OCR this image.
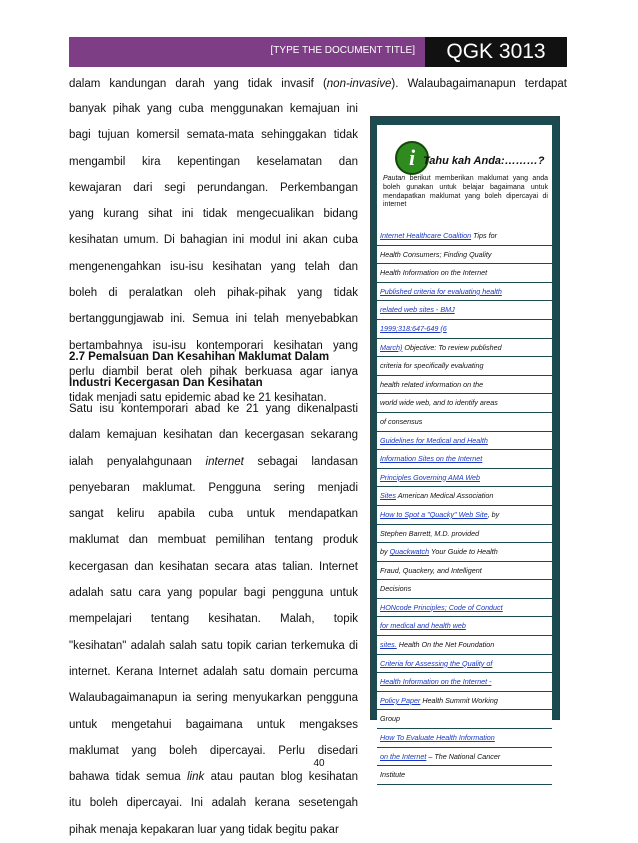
[TYPE THE DOCUMENT TITLE]	QGK 3013
dalam kandungan darah yang tidak invasif (non-invasive). Walaubagaimanapun terdapat
banyak pihak yang cuba menggunakan kemajuan ini
bagi tujuan komersil semata-mata sehinggakan tidak
mengambil kira kepentingan keselamatan dan
kewajaran dari segi perundangan. Perkembangan
yang kurang sihat ini tidak mengecualikan bidang
kesihatan umum. Di bahagian ini modul ini akan cuba
mengenengahkan isu-isu kesihatan yang telah dan
boleh di peralatkan oleh pihak-pihak yang tidak
bertanggungjawab ini. Semua ini telah menyebabkan
bertambahnya isu-isu kontemporari kesihatan yang
perlu diambil berat oleh pihak berkuasa agar ianya
tidak menjadi satu epidemic abad ke 21 kesihatan.
2.7 Pemalsuan Dan Kesahihan Maklumat Dalam
Industri Kecergasan Dan Kesihatan
Satu isu kontemporari abad ke 21 yang dikenalpasti
dalam kemajuan kesihatan dan kecergasan sekarang
ialah penyalahgunaan internet sebagai landasan
penyebaran maklumat. Pengguna sering menjadi
sangat keliru apabila cuba untuk mendapatkan
maklumat dan membuat pemilihan tentang produk
kecergasan dan kesihatan secara atas talian. Internet
adalah satu cara yang popular bagi pengguna untuk
mempelajari tentang kesihatan. Malah, topik
"kesihatan" adalah salah satu topik carian terkemuka di
internet. Kerana Internet adalah satu domain percuma
Walaubagaimanapun ia sering menyukarkan pengguna
untuk mengetahui bagaimana untuk mengakses
maklumat yang boleh dipercayai. Perlu disedari
bahawa tidak semua link atau pautan blog kesihatan
itu boleh dipercayai. Ini adalah kerana sesetengah
pihak menaja kepakaran luar yang tidak begitu pakar
i Tahu kah Anda:………?
Pautan berikut memberikan maklumat yang anda boleh gunakan untuk belajar bagaimana untuk mendapatkan maklumat yang boleh dipercayai di internet
Internet Healthcare Coalition Tips for
Health Consumers; Finding Quality
Health Information on the Internet
Published criteria for evaluating health
related web sites - BMJ
1999;318:647-649 (6
March) Objective: To review published
criteria for specifically evaluating
health related information on the
world wide web, and to identify areas
of consensus
Guidelines for Medical and Health
Information Sites on the Internet
Principles Governing AMA Web
Sites American Medical Association
How to Spot a "Quacky" Web Site, by
Stephen Barrett, M.D. provided
by Quackwatch Your Guide to Health
Fraud, Quackery, and Intelligent
Decisions
HONcode Principles; Code of Conduct
for medical and health web
sites. Health On the Net Foundation
Criteria for Assessing the Quality of
Health Information on the Internet -
Policy Paper Health Summit Working
Group
How To Evaluate Health Information
on the Internet – The National Cancer
Institute
40
